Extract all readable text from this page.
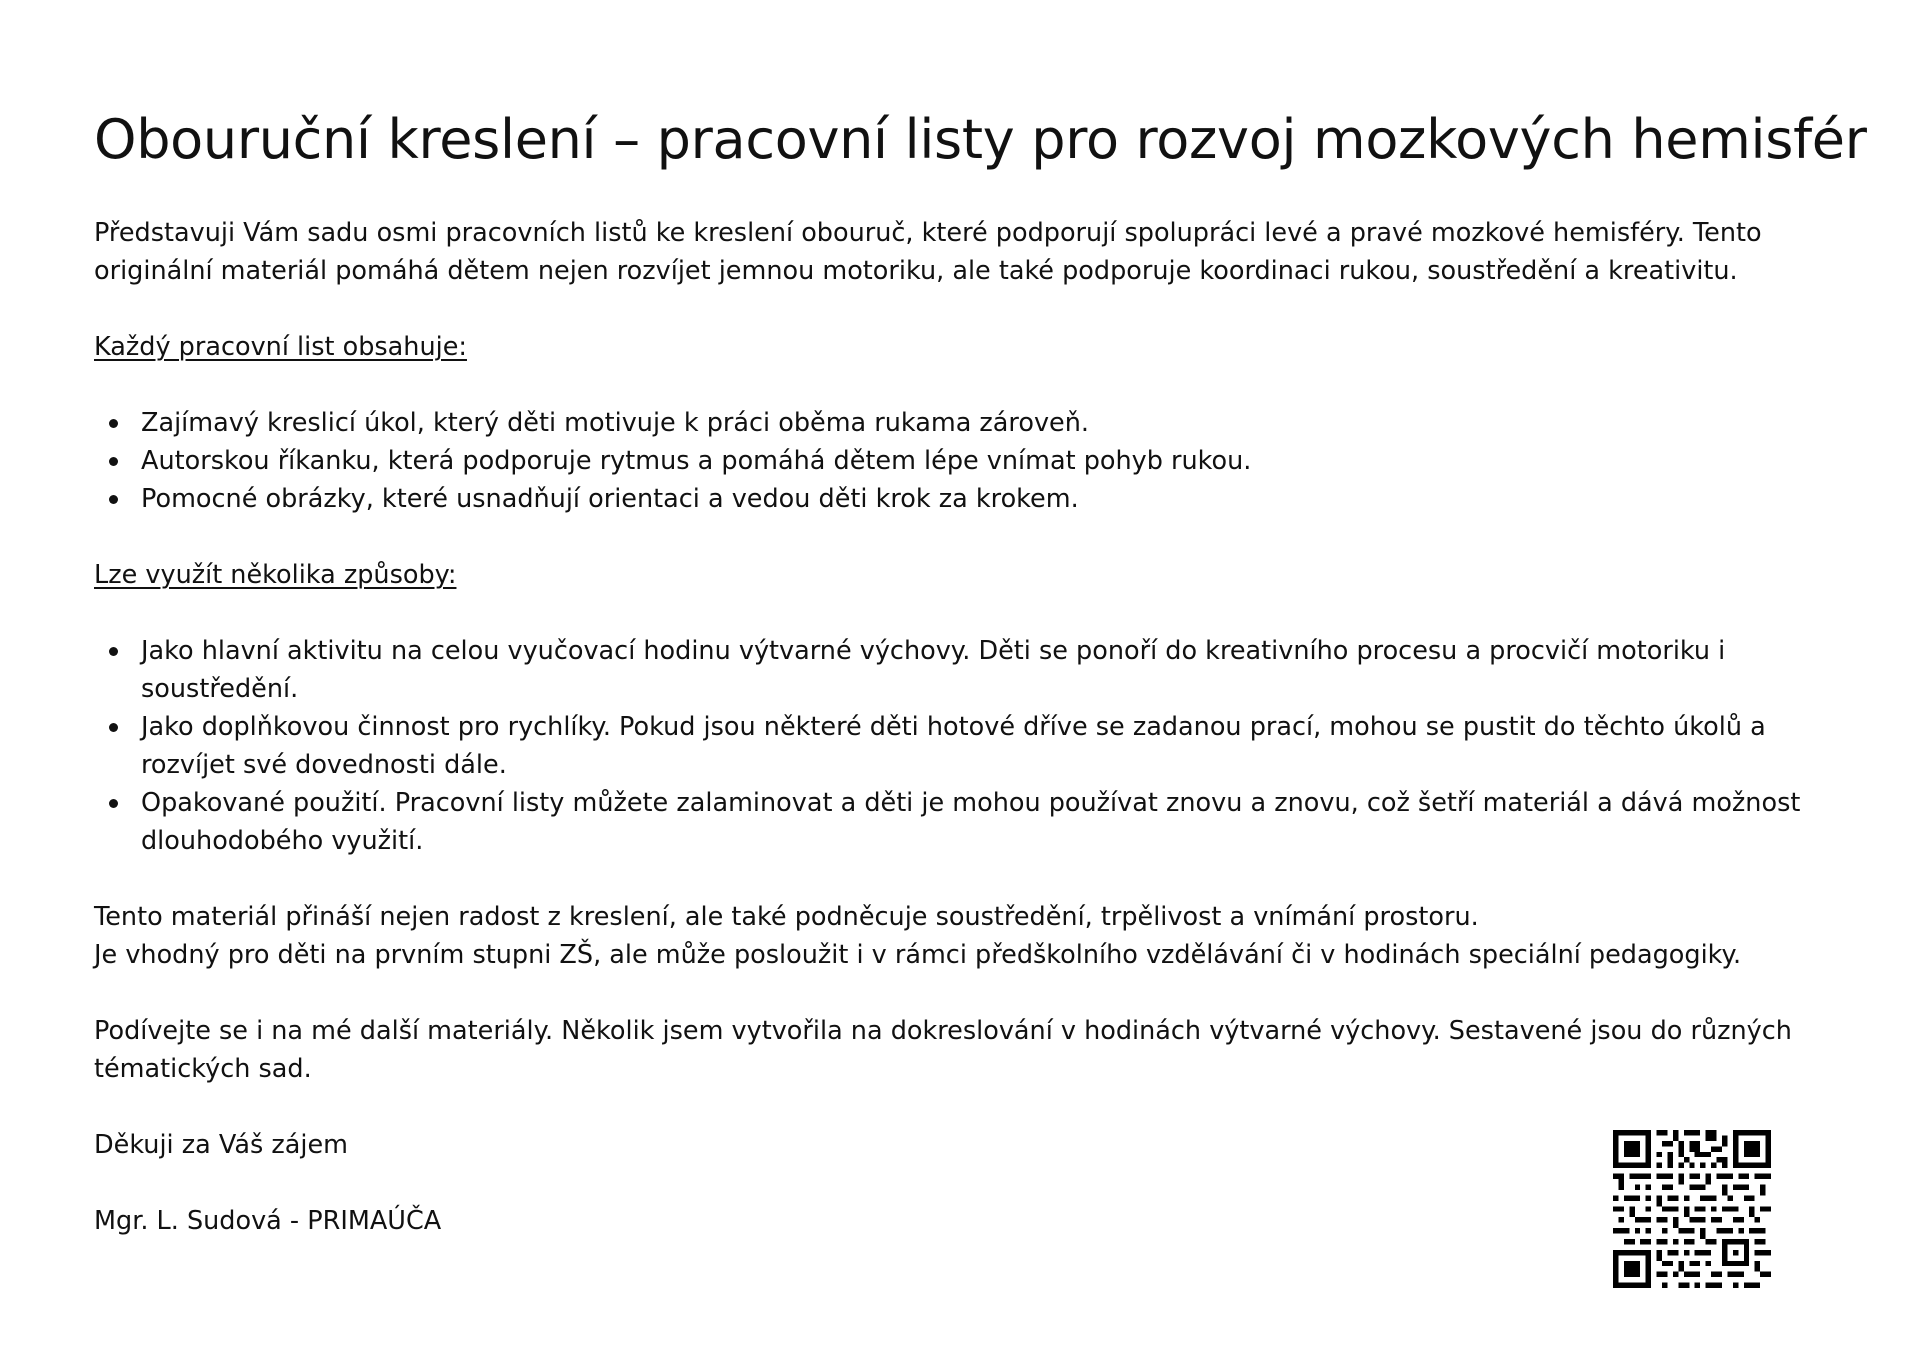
Obouruční kreslení – pracovní listy pro rozvoj mozkových hemisfér

Představuji Vám sadu osmi pracovních listů ke kreslení obouruč, které podporují spolupráci levé a pravé mozkové hemisféry. Tento originální materiál pomáhá dětem nejen rozvíjet jemnou motoriku, ale také podporuje koordinaci rukou, soustředění a kreativitu.

Každý pracovní list obsahuje:

Zajímavý kreslicí úkol, který děti motivuje k práci oběma rukama zároveň.
Autorskou říkanku, která podporuje rytmus a pomáhá dětem lépe vnímat pohyb rukou.
Pomocné obrázky, které usnadňují orientaci a vedou děti krok za krokem.

Lze využít několika způsoby:

Jako hlavní aktivitu na celou vyučovací hodinu výtvarné výchovy. Děti se ponoří do kreativního procesu a procvičí motoriku i soustředění.
Jako doplňkovou činnost pro rychlíky. Pokud jsou některé děti hotové dříve se zadanou prací, mohou se pustit do těchto úkolů a rozvíjet své dovednosti dále.
Opakované použití. Pracovní listy můžete zalaminovat a děti je mohou používat znovu a znovu, což šetří materiál a dává možnost dlouhodobého využití.
Tento materiál přináší nejen radost z kreslení, ale také podněcuje soustředění, trpělivost a vnímání prostoru.
Je vhodný pro děti na prvním stupni ZŠ, ale může posloužit i v rámci předškolního vzdělávání či v hodinách speciální pedagogiky.

Podívejte se i na mé další materiály. Několik jsem vytvořila na dokreslování v hodinách výtvarné výchovy. Sestavené jsou do různých tématických sad.

Děkuji za Váš zájem

Mgr. L. Sudová - PRIMAÚČA
